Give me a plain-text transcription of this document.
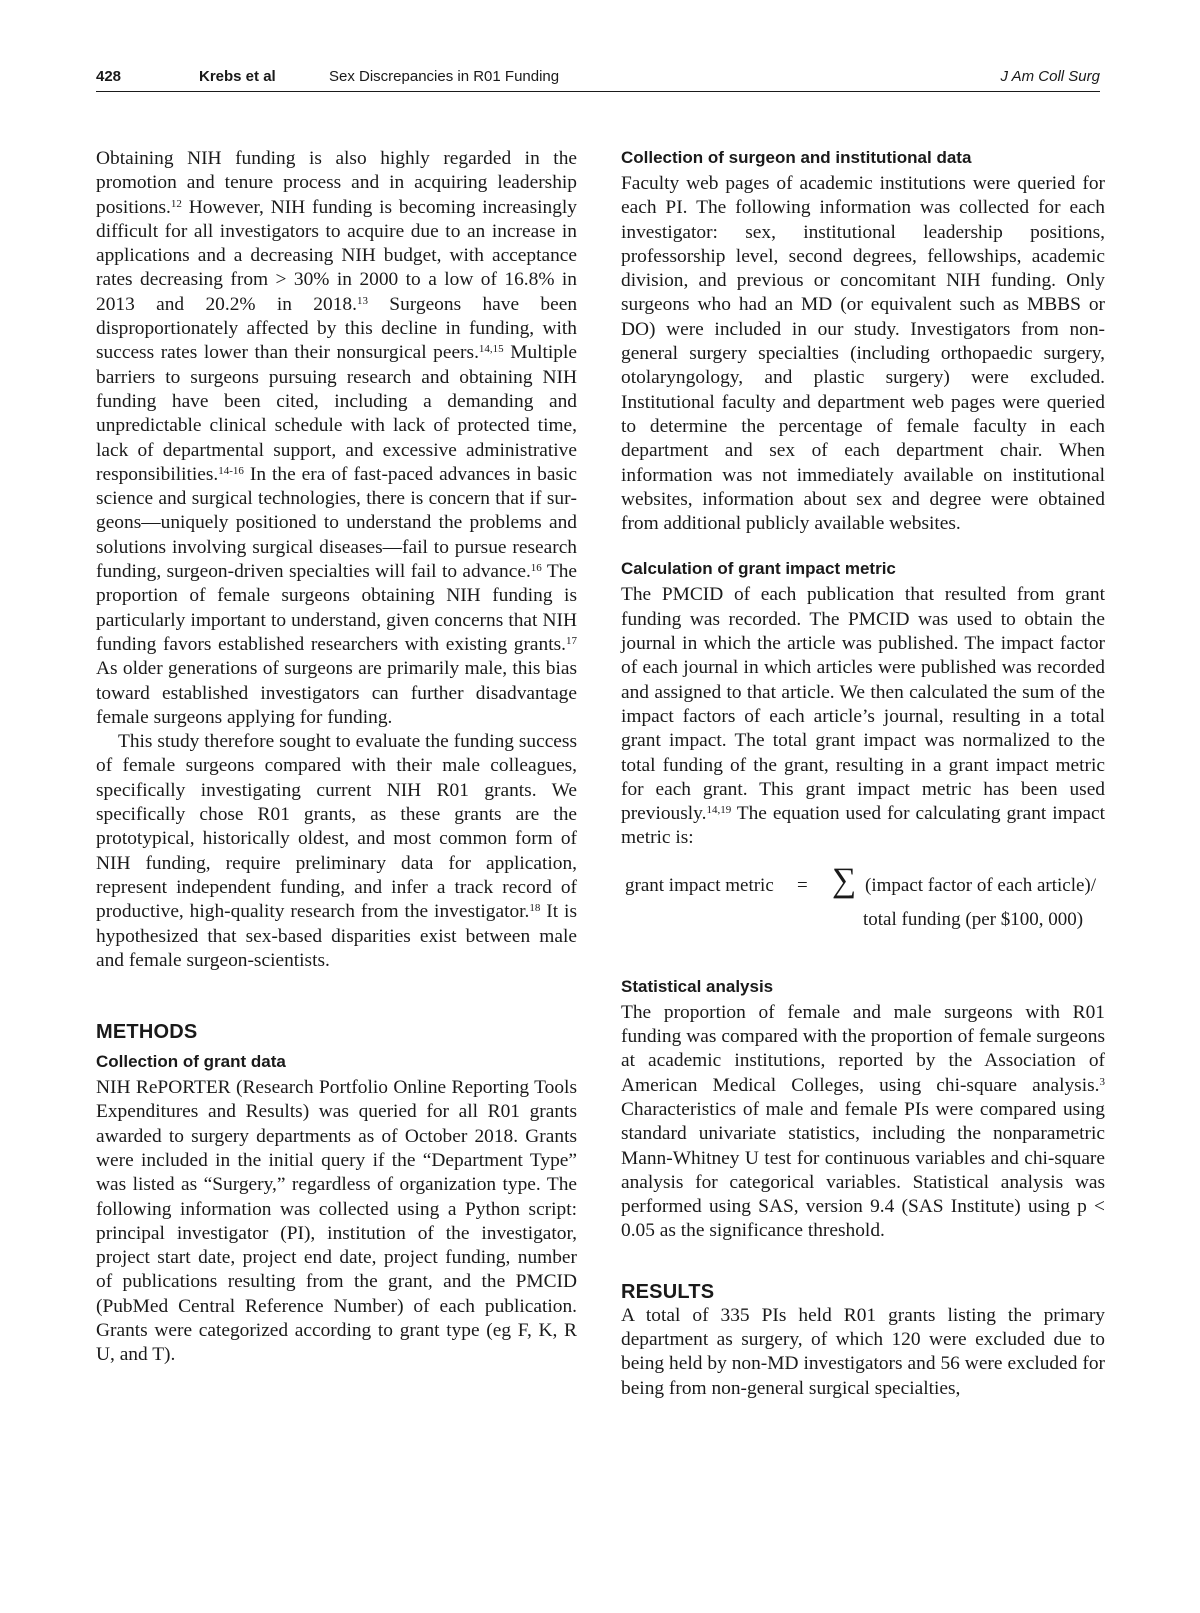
428	Krebs et al	Sex Discrepancies in R01 Funding	J Am Coll Surg

Obtaining NIH funding is also highly regarded in the promotion and tenure process and in acquiring leadership positions.$^{12}$ However, NIH funding is becoming increasingly difficult for all investigators to acquire due to an increase in applications and a decreasing NIH budget, with acceptance rates decreasing from > 30% in 2000 to a low of 16.8% in 2013 and 20.2% in 2018.13 Surgeons have been disproportionately affected by this decline in funding, with success rates lower than their nonsurgical peers.$^{14,15}$ Multiple barriers to surgeons pursuing research and obtaining NIH funding have been cited, including a demanding and unpredictable clinical schedule with lack of protected time, lack of departmental support, and excessive administrative responsibilities.$^{14-16}$ In the era of fast-paced advances in basic science and surgical technologies, there is concern that if surgeons—uniquely positioned to understand the problems and solutions involving surgical diseases—fail to pursue research funding, surgeon-driven specialties will fail to advance.$^{16}$ The proportion of female surgeons obtaining NIH funding is particularly important to understand, given concerns that NIH funding favors established researchers with existing grants.$^{17}$ As older generations of surgeons are primarily male, this bias toward established investigators can further disadvantage female surgeons applying for funding.

This study therefore sought to evaluate the funding success of female surgeons compared with their male colleagues, specifically investigating current NIH R01 grants. We specifically chose R01 grants, as these grants are the prototypical, historically oldest, and most common form of NIH funding, require preliminary data for application, represent independent funding, and infer a track record of productive, high-quality research from the investigator.$^{18}$ It is hypothesized that sex-based disparities exist between male and female surgeon-scientists.

METHODS
Collection of grant data

NIH RePORTER (Research Portfolio Online Reporting Tools Expenditures and Results) was queried for all R01 grants awarded to surgery departments as of October 2018. Grants were included in the initial query if the “Department Type” was listed as “Surgery,” regardless of organization type. The following information was collected using a Python script: principal investigator (PI), institution of the investigator, project start date, project end date, project funding, number of publications resulting from the grant, and the PMCID (PubMed Central Reference Number) of each publication. Grants were categorized according to grant type (eg F, K, R U, and T).

Collection of surgeon and institutional data

Faculty web pages of academic institutions were queried for each PI. The following information was collected for each investigator: sex, institutional leadership positions, professorship level, second degrees, fellowships, academic division, and previous or concomitant NIH funding. Only surgeons who had an MD (or equivalent such as MBBS or DO) were included in our study. Investigators from non-general surgery specialties (including orthopaedic surgery, otolaryngology, and plastic surgery) were excluded. Institutional faculty and department web pages were queried to determine the percentage of female faculty in each department and sex of each department chair. When information was not immediately available on institutional websites, information about sex and degree were obtained from additional publicly available websites.

Calculation of grant impact metric

The PMCID of each publication that resulted from grant funding was recorded. The PMCID was used to obtain the journal in which the article was published. The impact factor of each journal in which articles were published was recorded and assigned to that article. We then calculated the sum of the impact factors of each article’s journal, resulting in a total grant impact. The total grant impact was normalized to the total funding of the grant, resulting in a grant impact metric for each grant. This grant impact metric has been used previously.$^{14,19}$ The equation used for calculating grant impact metric is:

grant impact metric = ∑ (impact factor of each article)/
total funding (per $100, 000)
Statistical analysis

The proportion of female and male surgeons with R01 funding was compared with the proportion of female surgeons at academic institutions, reported by the Association of American Medical Colleges, using chi-square analysis.$^3$ Characteristics of male and female PIs were compared using standard univariate statistics, including the nonparametric Mann-Whitney U test for continuous variables and chi-square analysis for categorical variables. Statistical analysis was performed using SAS, version 9.4 (SAS Institute) using p < 0.05 as the significance threshold.

RESULTS

A total of 335 PIs held R01 grants listing the primary department as surgery, of which 120 were excluded due to being held by non-MD investigators and 56 were excluded for being from non-general surgical specialties,
